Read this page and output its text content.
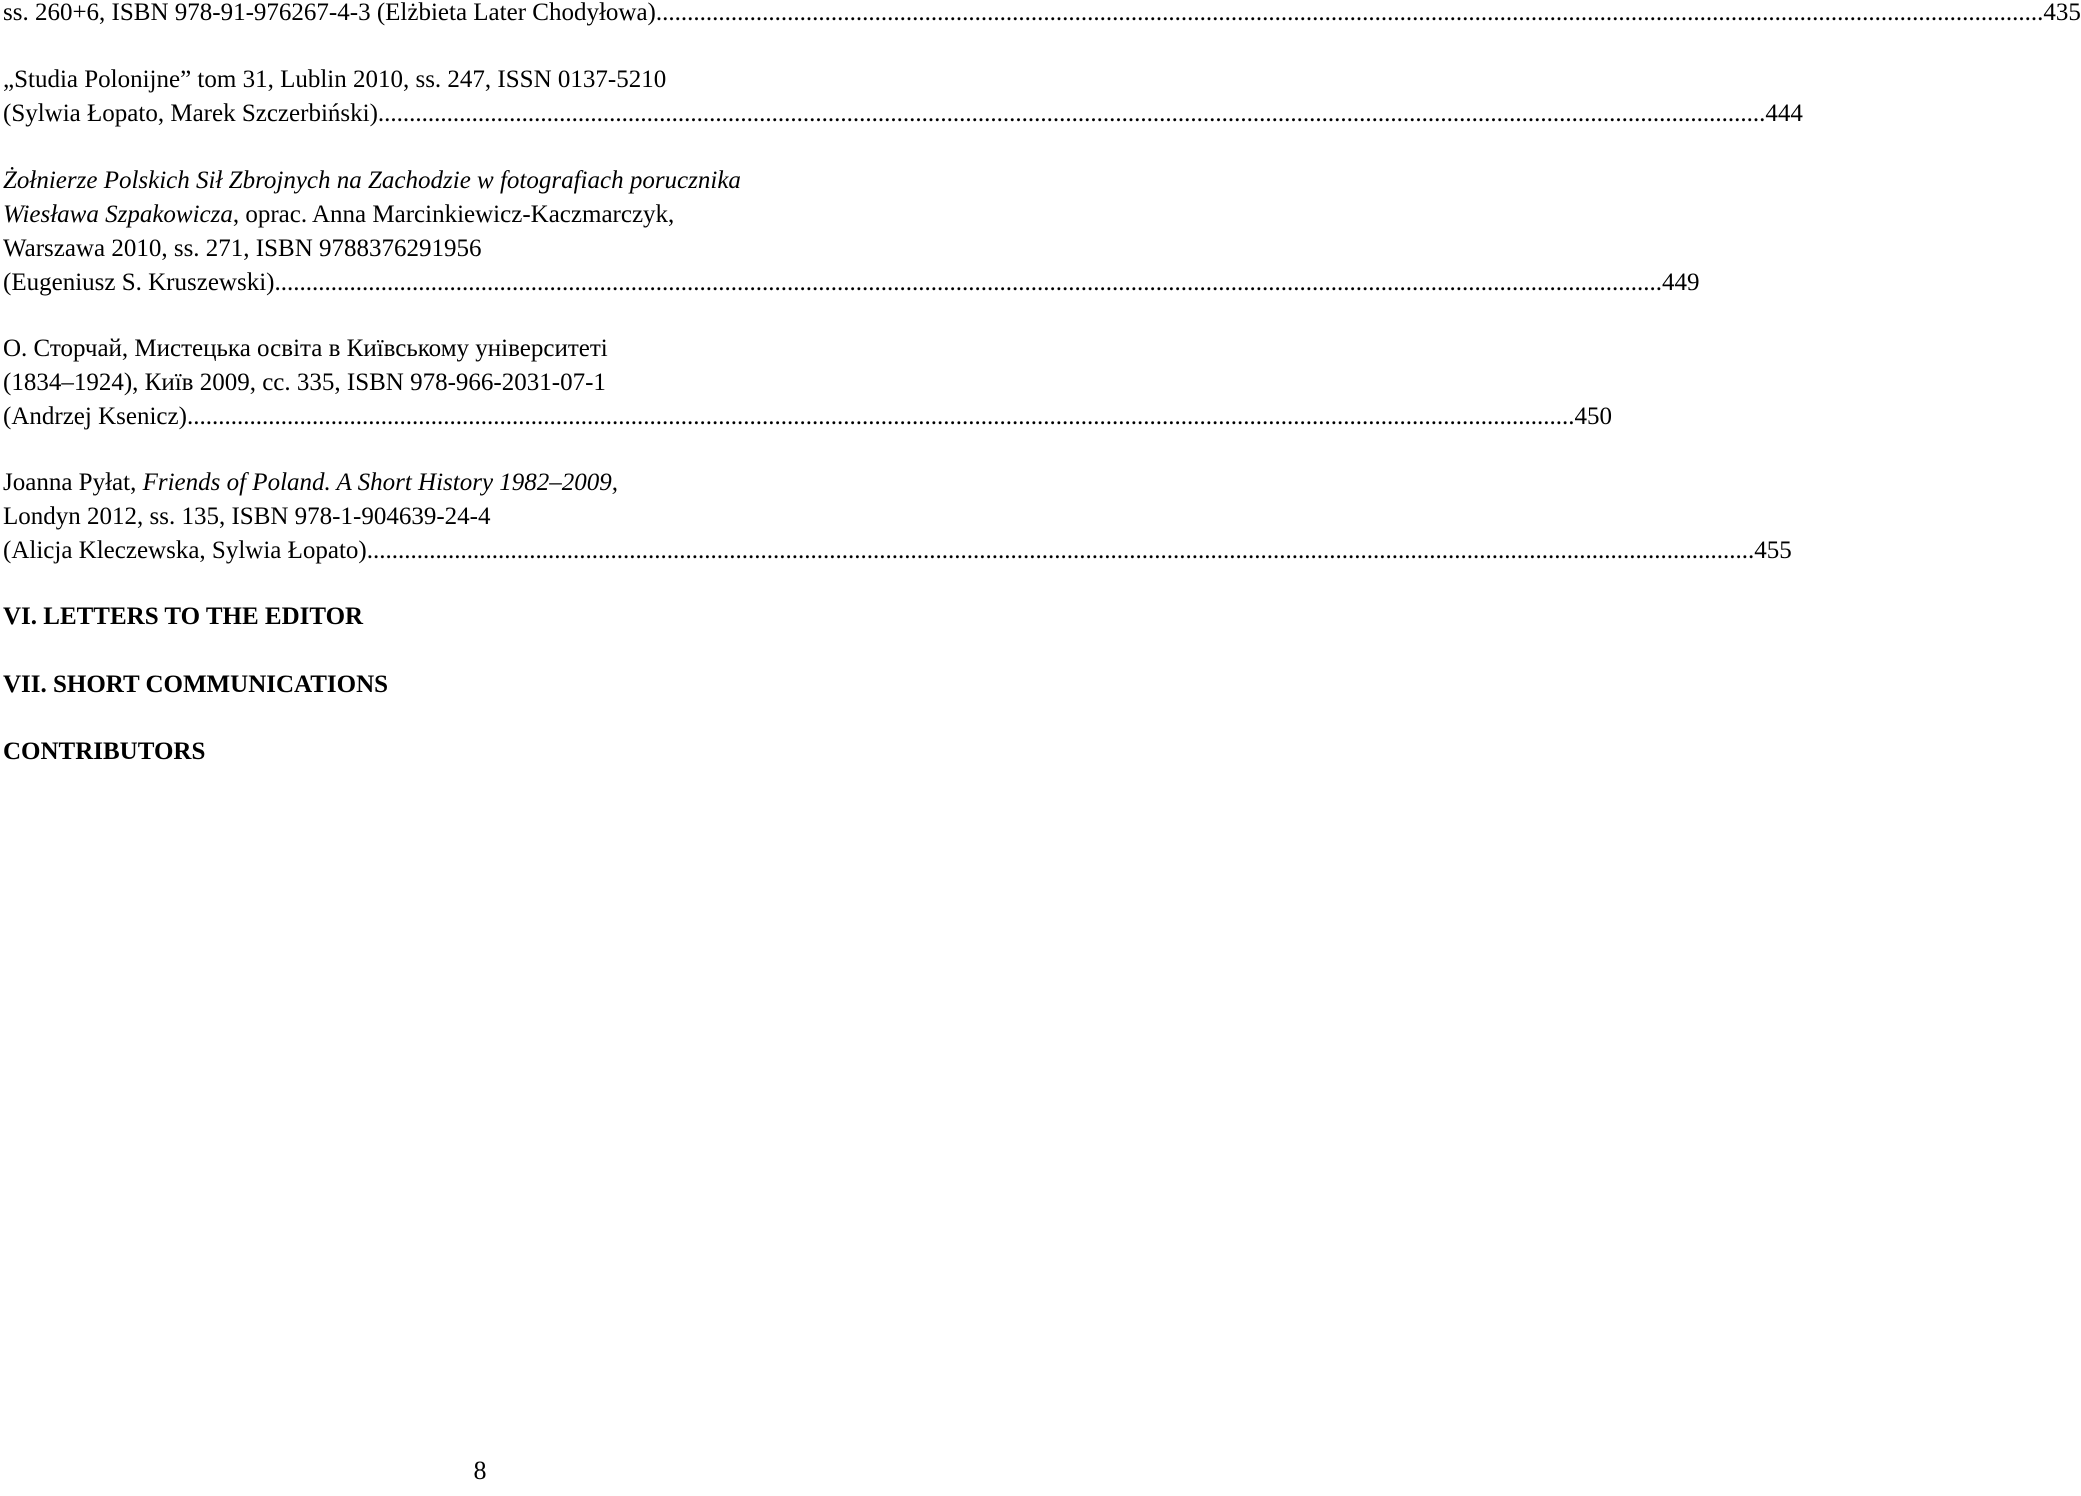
ss. 260+6, ISBN 978-91-976267-4-3 (Elżbieta Later Chodyłowa) .............................................................................................................................................................................................................................. 435
„Studia Polonijne” tom 31, Lublin 2010, ss. 247, ISSN 0137-5210
(Sylwia Łopato, Marek Szczerbiński) .............................................................................................................................................................................................................................. 444
Żołnierze Polskich Sił Zbrojnych na Zachodzie w fotografiach porucznika
Wiesława Szpakowicza, oprac. Anna Marcinkiewicz-Kaczmarczyk,
Warszawa 2010, ss. 271, ISBN 9788376291956
(Eugeniusz S. Kruszewski) .............................................................................................................................................................................................................................. 449
О. Сторчай, Мистецька освіта в Київському університеті
(1834–1924), Київ 2009, сс. 335, ISBN 978-966-2031-07-1
(Andrzej Ksenicz) .............................................................................................................................................................................................................................. 450
Joanna Pyłat, Friends of Poland. A Short History 1982–2009,
Londyn 2012, ss. 135, ISBN 978-1-904639-24-4
(Alicja Kleczewska, Sylwia Łopato) .............................................................................................................................................................................................................................. 455
VI. LETTERS TO THE EDITOR
VII. SHORT COMMUNICATIONS
CONTRIBUTORS
8
